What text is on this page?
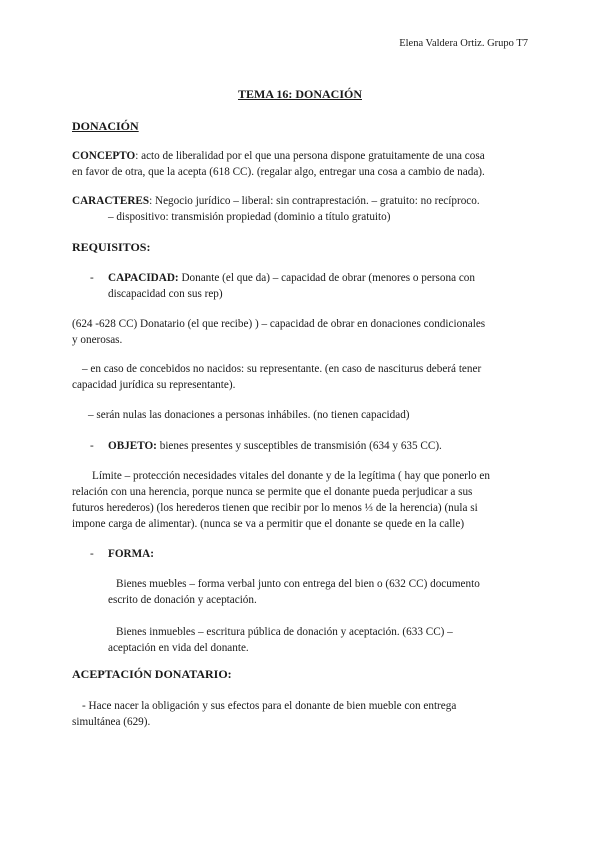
Elena Valdera Ortiz. Grupo T7
TEMA 16: DONACIÓN
DONACIÓN
CONCEPTO: acto de liberalidad por el que una persona dispone gratuitamente de una cosa
en favor de otra, que la acepta (618 CC). (regalar algo, entregar una cosa a cambio de nada).
CARACTERES: Negocio jurídico – liberal: sin contraprestación. – gratuito: no recíproco.
– dispositivo: transmisión propiedad (dominio a título gratuito)
REQUISITOS:
- CAPACIDAD: Donante (el que da) – capacidad de obrar (menores o persona con
discapacidad con sus rep)
(624 -628 CC) Donatario (el que recibe) ) – capacidad de obrar en donaciones condicionales
y onerosas.
– en caso de concebidos no nacidos: su representante. (en caso de nasciturus deberá tener
capacidad jurídica su representante).
– serán nulas las donaciones a personas inhábiles. (no tienen capacidad)
- OBJETO: bienes presentes y susceptibles de transmisión (634 y 635 CC).
Límite – protección necesidades vitales del donante y de la legítima ( hay que ponerlo en
relación con una herencia, porque nunca se permite que el donante pueda perjudicar a sus
futuros herederos) (los herederos tienen que recibir por lo menos ⅓ de la herencia) (nula si
impone carga de alimentar). (nunca se va a permitir que el donante se quede en la calle)
- FORMA:
Bienes muebles – forma verbal junto con entrega del bien o (632 CC) documento
escrito de donación y aceptación.
Bienes inmuebles – escritura pública de donación y aceptación. (633 CC) –
aceptación en vida del donante.
ACEPTACIÓN DONATARIO:
- Hace nacer la obligación y sus efectos para el donante de bien mueble con entrega
simultánea (629).
